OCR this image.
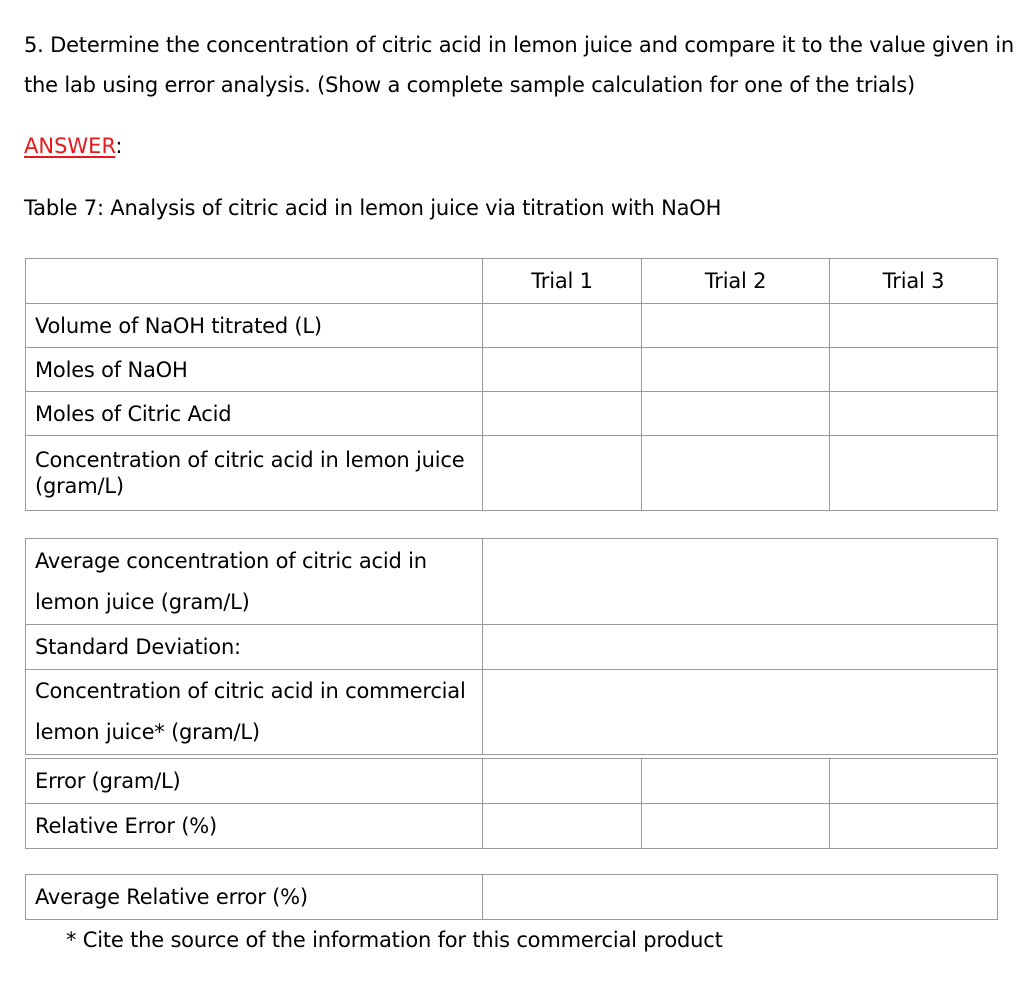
5. Determine the concentration of citric acid in lemon juice and compare it to the value given in
the lab using error analysis. (Show a complete sample calculation for one of the trials)
ANSWER:
Table 7: Analysis of citric acid in lemon juice via titration with NaOH
	Trial 1	Trial 2	Trial 3
Volume of NaOH titrated (L)			
Moles of NaOH			
Moles of Citric Acid			
Concentration of citric acid in lemon juice (gram/L)			
Average concentration of citric acid in lemon juice (gram/L)	
Standard Deviation:	
Concentration of citric acid in commercial lemon juice* (gram/L)	
Error (gram/L)			
Relative Error (%)			
Average Relative error (%)	
* Cite the source of the information for this commercial product
